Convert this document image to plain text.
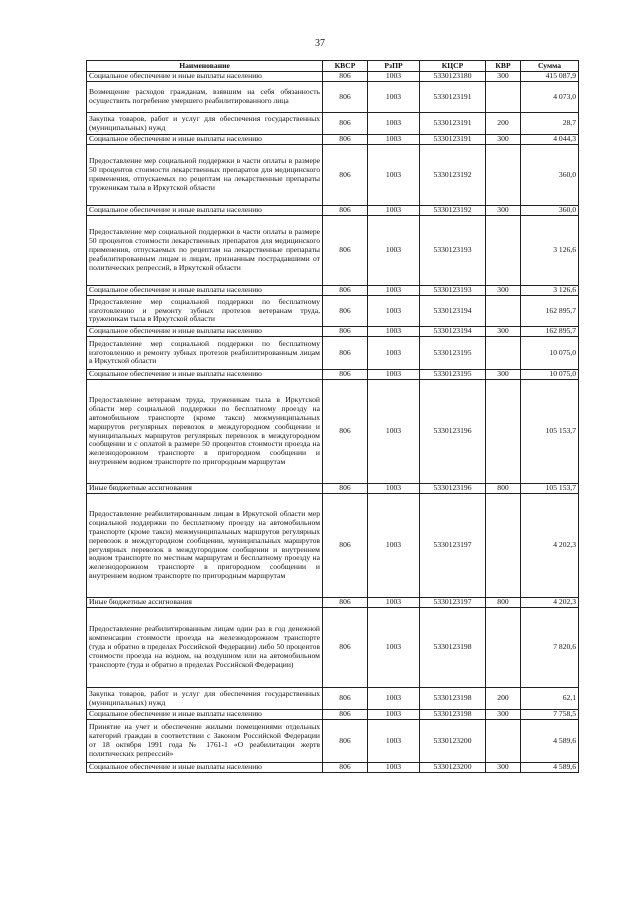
37
Наименование	КВСР	РзПР	КЦСР	КВР	Сумма
Социальное обеспечение и иные выплаты населению	806	1003	5330123180	300	415 087,9
Возмещение расходов гражданам, взявшим на себя обязанность осуществить погребение умершего реабилитированного лица	806	1003	5330123191		4 073,0
Закупка товаров, работ и услуг для обеспечения государственных (муниципальных) нужд	806	1003	5330123191	200	28,7
Социальное обеспечение и иные выплаты населению	806	1003	5330123191	300	4 044,3
Предоставление мер социальной поддержки в части оплаты в размере 50 процентов стоимости лекарственных препаратов для медицинского применения, отпускаемых по рецептам на лекарственные препараты труженикам тыла в Иркутской области	806	1003	5330123192		360,0
Социальное обеспечение и иные выплаты населению	806	1003	5330123192	300	360,0
Предоставление мер социальной поддержки в части оплаты в размере 50 процентов стоимости лекарственных препаратов для медицинского применения, отпускаемых по рецептам на лекарственные препараты реабилитированным лицам и лицам, признанным пострадавшими от политических репрессий, в Иркутской области	806	1003	5330123193		3 126,6
Социальное обеспечение и иные выплаты населению	806	1003	5330123193	300	3 126,6
Предоставление мер социальной поддержки по бесплатному изготовлению и ремонту зубных протезов ветеранам труда, труженикам тыла в Иркутской области	806	1003	5330123194		162 895,7
Социальное обеспечение и иные выплаты населению	806	1003	5330123194	300	162 895,7
Предоставление мер социальной поддержки по бесплатному изготовлению и ремонту зубных протезов реабилитированным лицам в Иркутской области	806	1003	5330123195		10 075,0
Социальное обеспечение и иные выплаты населению	806	1003	5330123195	300	10 075,0
Предоставление ветеранам труда, труженикам тыла в Иркутской области мер социальной поддержки по бесплатному проезду на автомобильном транспорте (кроме такси) межмуниципальных маршрутов регулярных перевозок в междугородном сообщении и муниципальных маршрутов регулярных перевозок в междугородном сообщении и с оплатой в размере 50 процентов стоимости проезда на железнодорожном транспорте в пригородном сообщении и внутреннем водном транспорте по пригородным маршрутам	806	1003	5330123196		105 153,7
Иные бюджетные ассигнования	806	1003	5330123196	800	105 153,7
Предоставление реабилитированным лицам в Иркутской области мер социальной поддержки по бесплатному проезду на автомобильном транспорте (кроме такси) межмуниципальных маршрутов регулярных перевозок в междугородном сообщении, муниципальных маршрутов регулярных перевозок в междугородном сообщении и внутреннем водном транспорте по местным маршрутам и бесплатному проезду на железнодорожном транспорте в пригородном сообщении и внутреннем водном транспорте по пригородным маршрутам	806	1003	5330123197		4 202,3
Иные бюджетные ассигнования	806	1003	5330123197	800	4 202,3
Предоставление реабилитированным лицам один раз в год денежной компенсации стоимости проезда на железнодорожном транспорте (туда и обратно в пределах Российской Федерации) либо 50 процентов стоимости проезда на водном, на воздушном или на автомобильном транспорте (туда и обратно в пределах Российской Федерации)	806	1003	5330123198		7 820,6
Закупка товаров, работ и услуг для обеспечения государственных (муниципальных) нужд	806	1003	5330123198	200	62,1
Социальное обеспечение и иные выплаты населению	806	1003	5330123198	300	7 758,5
Принятие на учет и обеспечение жилыми помещениями отдельных категорий граждан в соответствии с Законом Российской Федерации от 18 октября 1991 года № 1761-1 «О реабилитации жертв политических репрессий»	806	1003	5330123200		4 589,6
Социальное обеспечение и иные выплаты населению	806	1003	5330123200	300	4 589,6
